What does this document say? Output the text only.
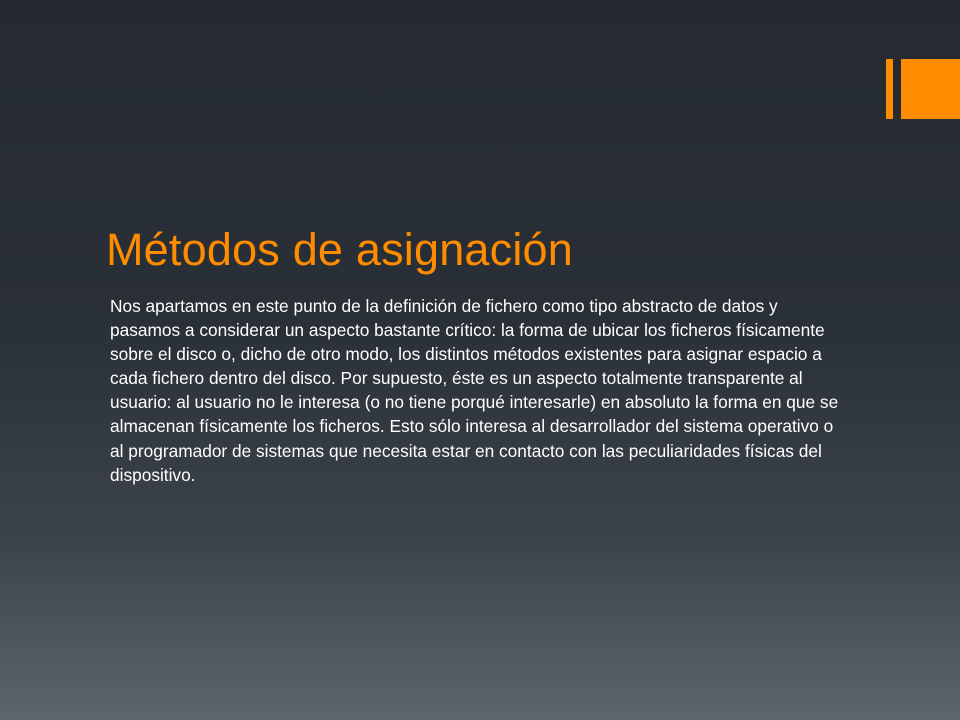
Métodos de asignación
Nos apartamos en este punto de la definición de fichero como tipo abstracto de datos y
pasamos a considerar un aspecto bastante crítico: la forma de ubicar los ficheros físicamente
sobre el disco o, dicho de otro modo, los distintos métodos existentes para asignar espacio a
cada fichero dentro del disco. Por supuesto, éste es un aspecto totalmente transparente al
usuario: al usuario no le interesa (o no tiene porqué interesarle) en absoluto la forma en que se
almacenan físicamente los ficheros. Esto sólo interesa al desarrollador del sistema operativo o
al programador de sistemas que necesita estar en contacto con las peculiaridades físicas del
dispositivo.
